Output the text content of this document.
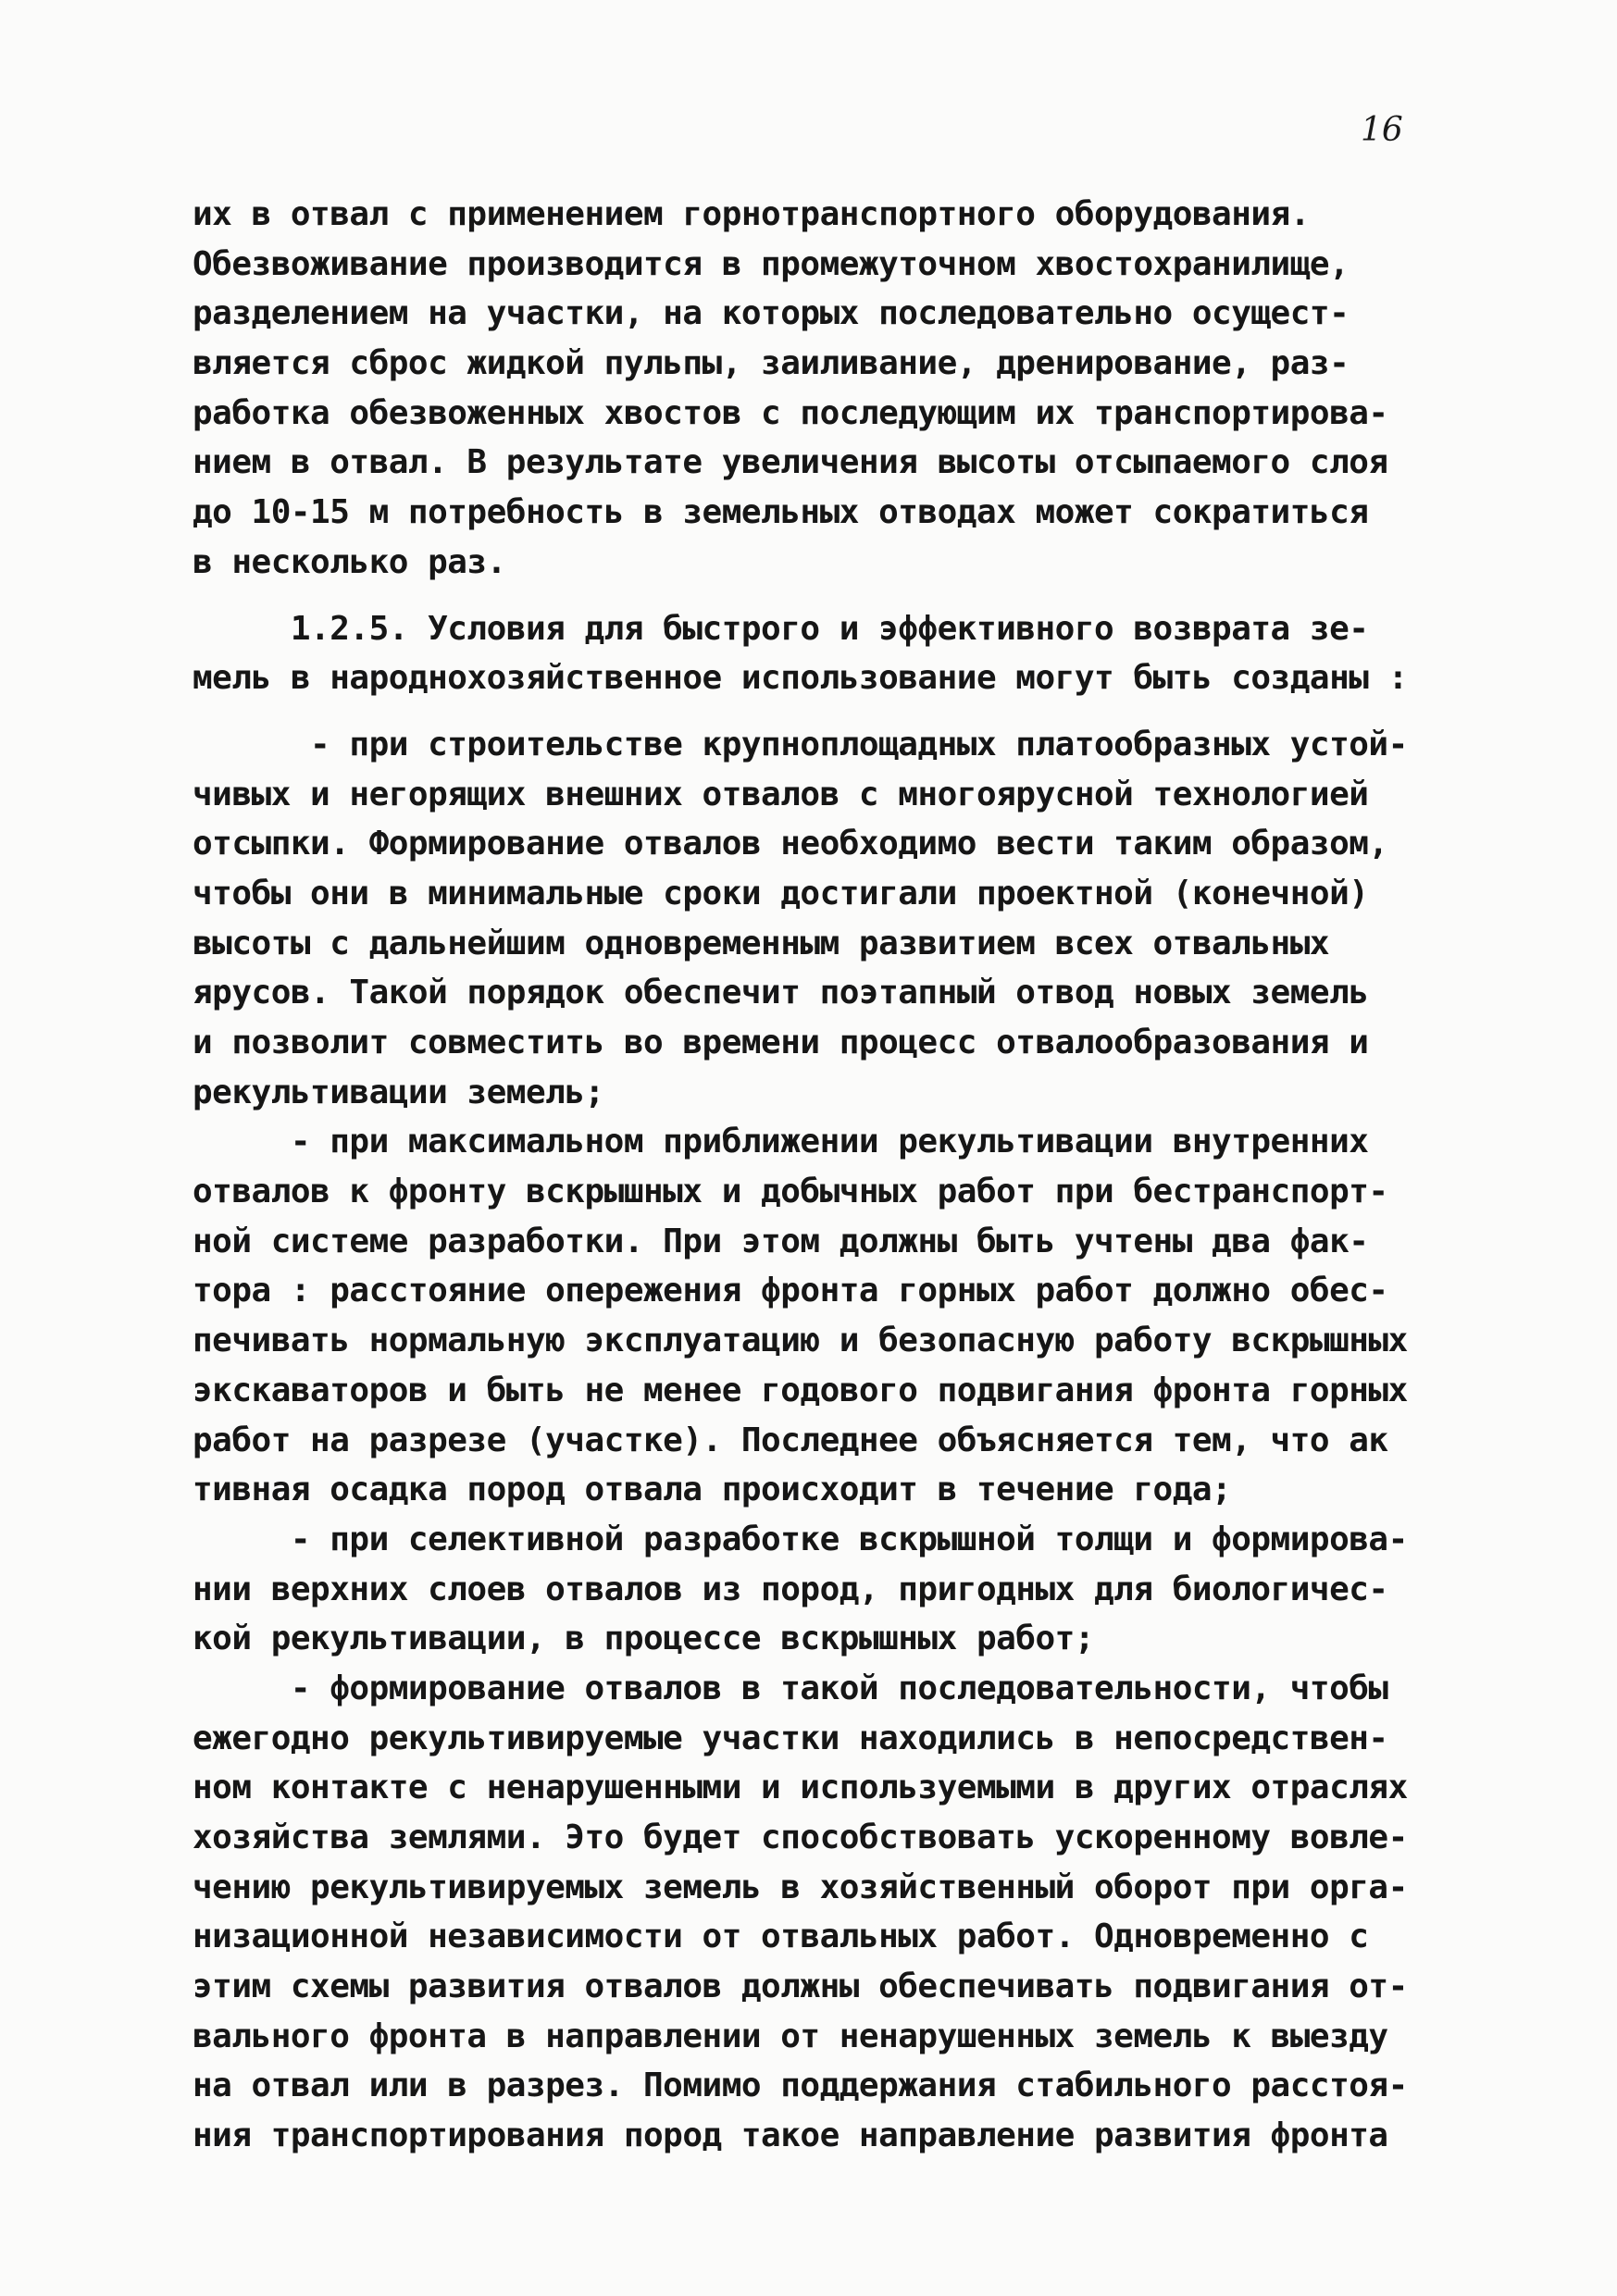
16
их в отвал с применением горнотранспортного оборудования.
Обезвоживание производится в промежуточном хвостохранилище,
разделением на участки, на которых последовательно осущест-
вляется сброс жидкой пульпы, заиливание, дренирование, раз-
работка обезвоженных хвостов с последующим их транспортирова-
нием в отвал. В результате увеличения высоты отсыпаемого слоя
до 10-15 м потребность в земельных отводах может сократиться
в несколько раз.
1.2.5. Условия для быстрого и эффективного возврата зе-
мель в народнохозяйственное использование могут быть созданы :
- при строительстве крупноплощадных платообразных устой-
чивых и негорящих внешних отвалов с многоярусной технологией
отсыпки. Формирование отвалов необходимо вести таким образом,
чтобы они в минимальные сроки достигали проектной (конечной)
высоты с дальнейшим одновременным развитием всех отвальных
ярусов. Такой порядок обеспечит поэтапный отвод новых земель
и позволит совместить во времени процесс отвалообразования и
рекультивации земель;
- при максимальном приближении рекультивации внутренних
отвалов к фронту вскрышных и добычных работ при бестранспорт-
ной системе разработки. При этом должны быть учтены два фак-
тора : расстояние опережения фронта горных работ должно обес-
печивать нормальную эксплуатацию и безопасную работу вскрышных
экскаваторов и быть не менее годового подвигания фронта горных
работ на разрезе (участке). Последнее объясняется тем, что ак
тивная осадка пород отвала происходит в течение года;
- при селективной разработке вскрышной толщи и формирова-
нии верхних слоев отвалов из пород, пригодных для биологичес-
кой рекультивации, в процессе вскрышных работ;
- формирование отвалов в такой последовательности, чтобы
ежегодно рекультивируемые участки находились в непосредствен-
ном контакте с ненарушенными и используемыми в других отраслях
хозяйства землями. Это будет способствовать ускоренному вовле-
чению рекультивируемых земель в хозяйственный оборот при орга-
низационной независимости от отвальных работ. Одновременно с
этим схемы развития отвалов должны обеспечивать подвигания от-
вального фронта в направлении от ненарушенных земель к выезду
на отвал или в разрез. Помимо поддержания стабильного расстоя-
ния транспортирования пород такое направление развития фронта
